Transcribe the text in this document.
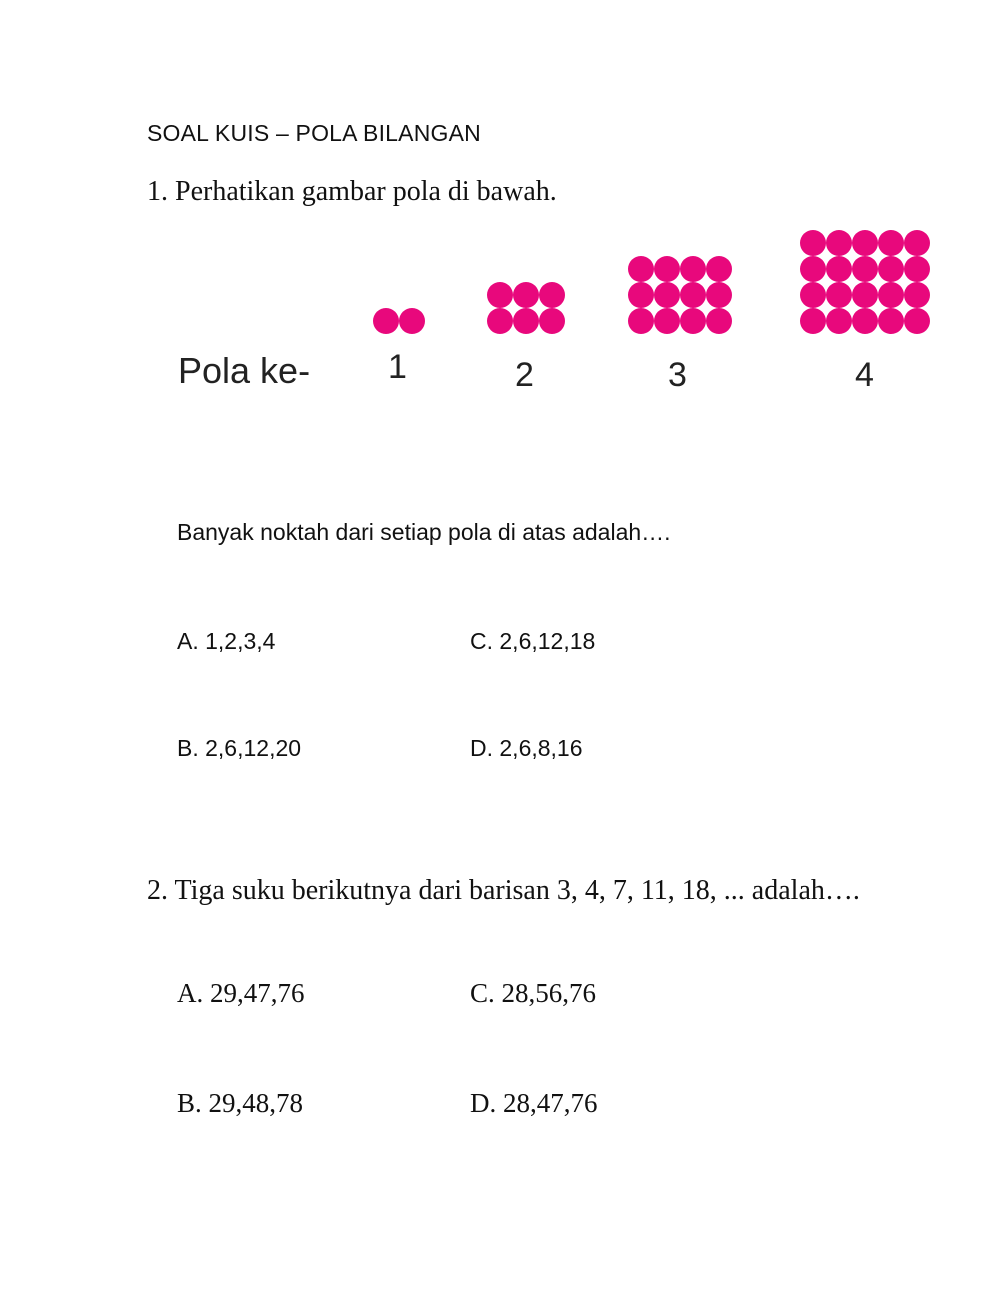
SOAL KUIS – POLA BILANGAN
1. Perhatikan gambar pola di bawah.
Pola ke- 1	2	3	4
Banyak noktah dari setiap pola di atas adalah….
A. 1,2,3,4	C. 2,6,12,18
B. 2,6,12,20	D. 2,6,8,16
2. Tiga suku berikutnya dari barisan 3, 4, 7, 11, 18, ... adalah….
A. 29,47,76	C. 28,56,76
B. 29,48,78	D. 28,47,76
